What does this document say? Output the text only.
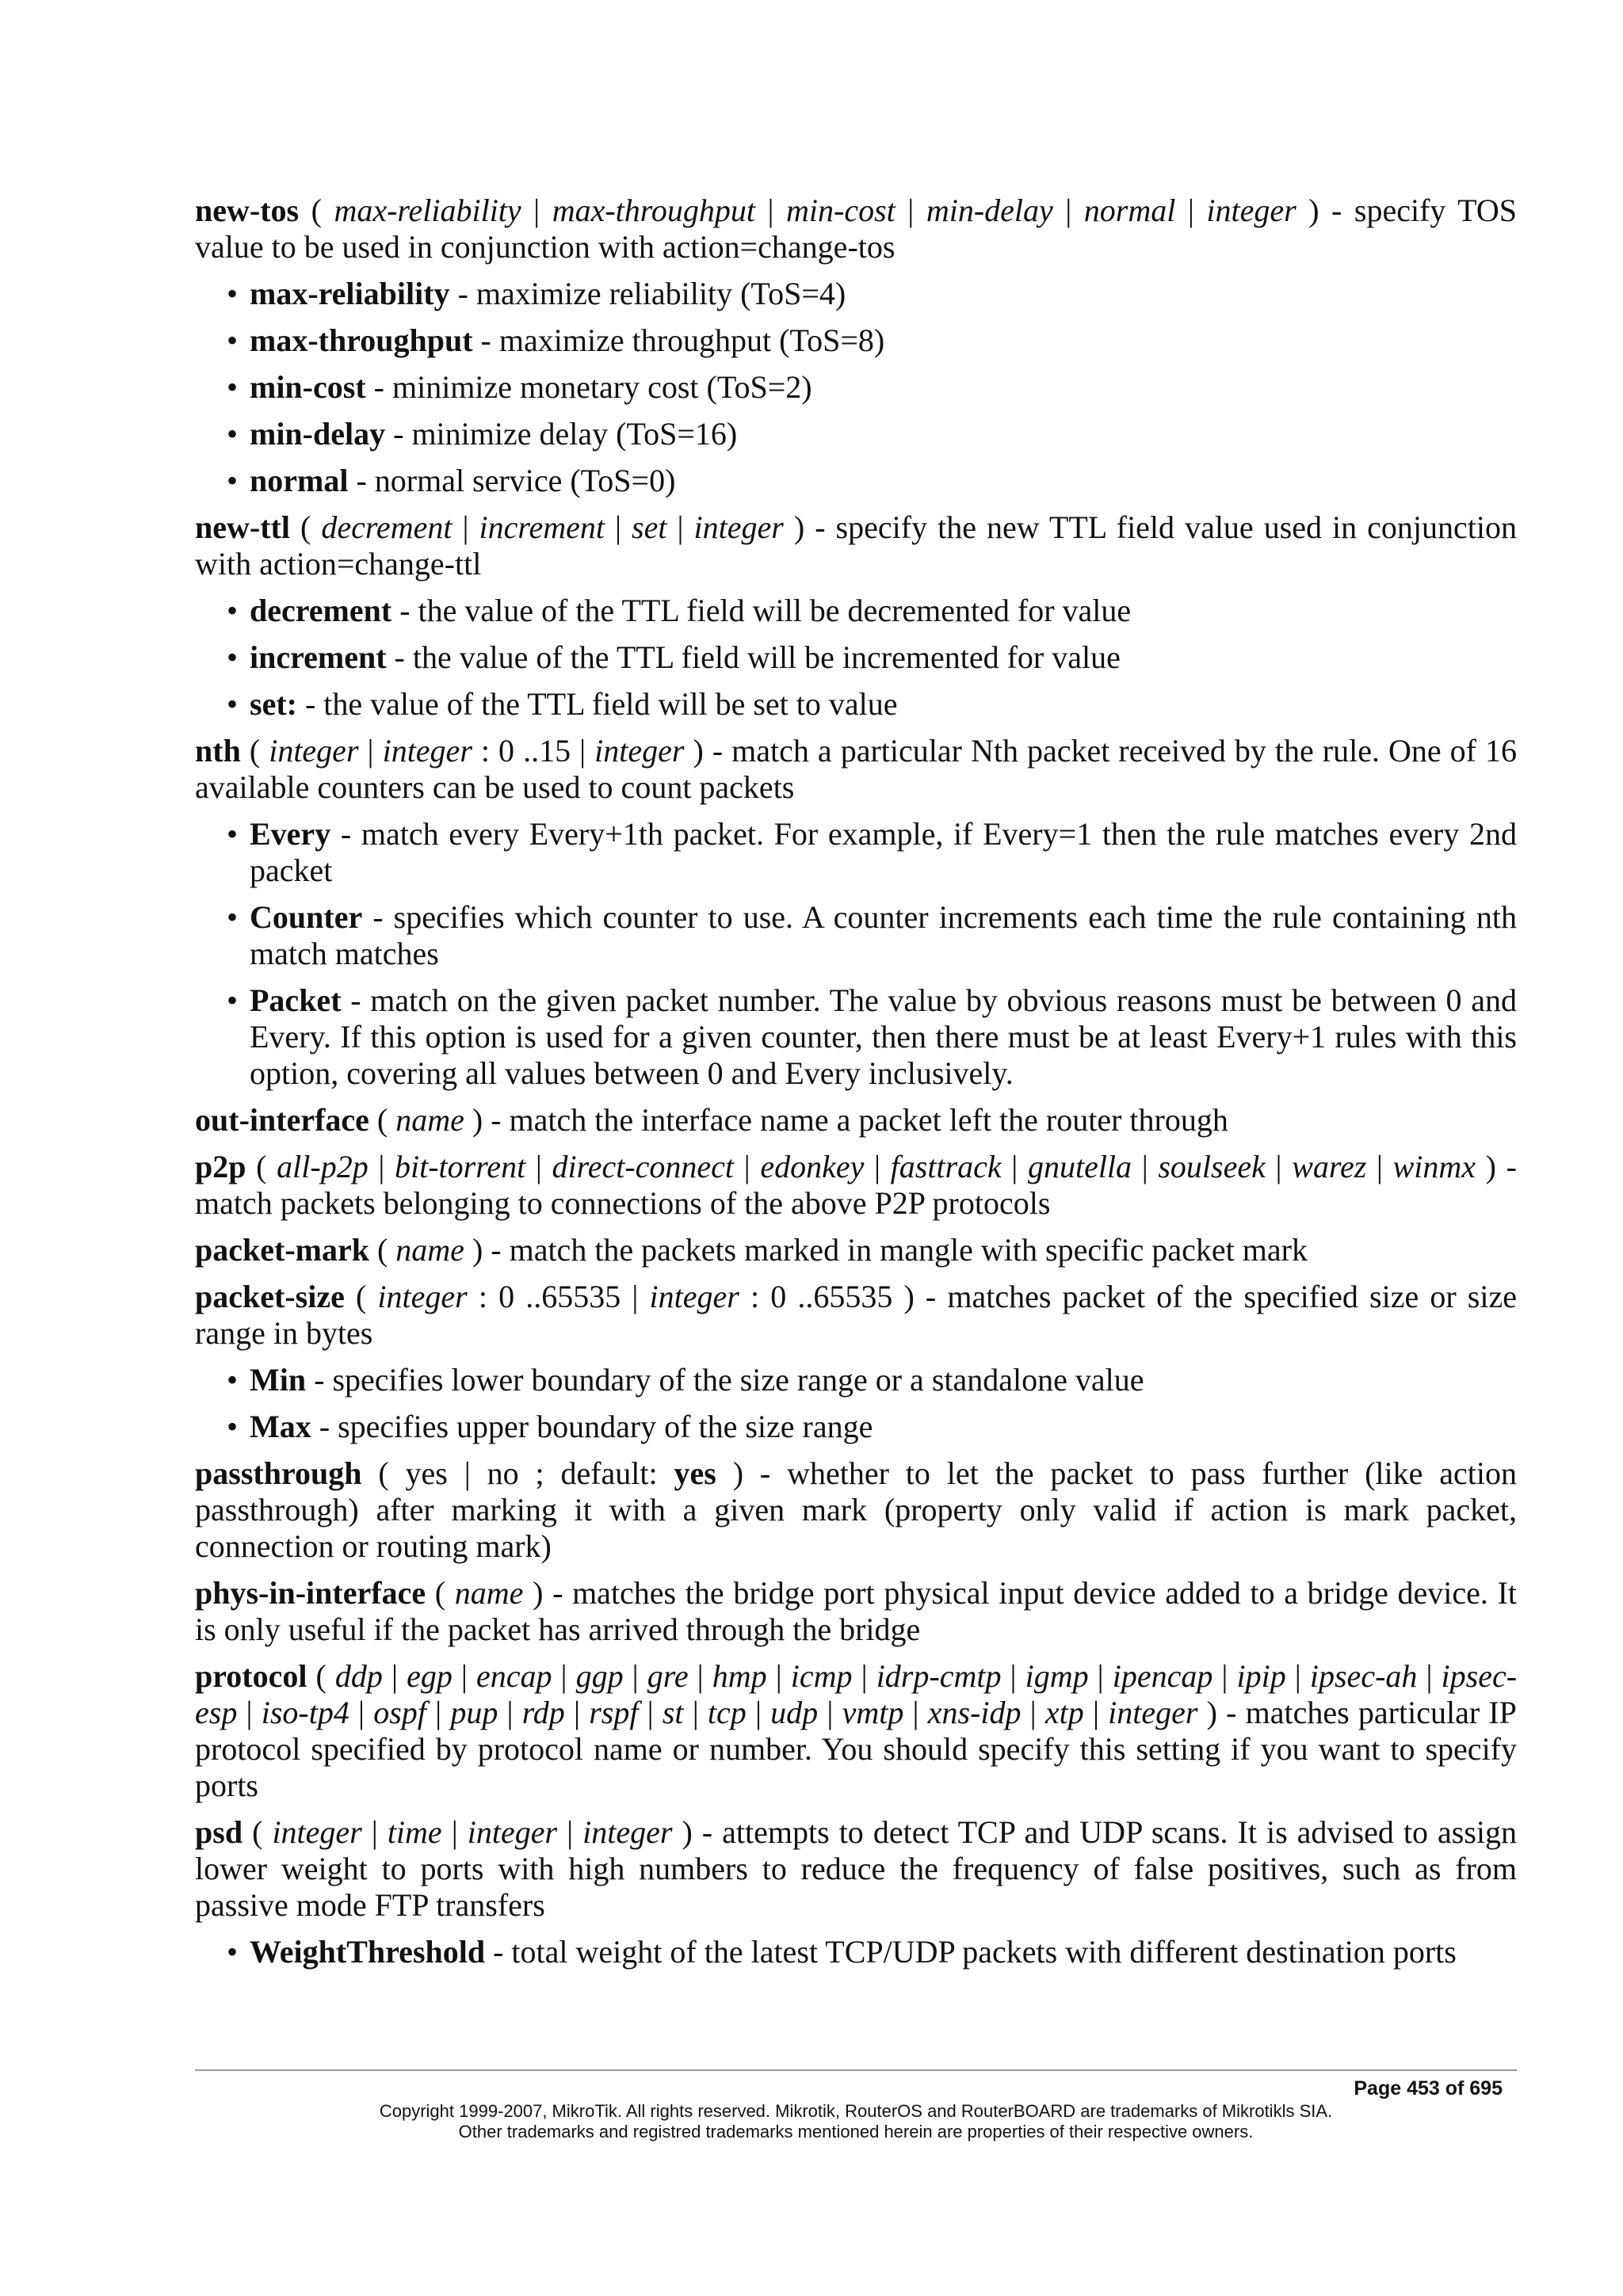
new-tos ( max-reliability | max-throughput | min-cost | min-delay | normal | integer ) - specify TOS value to be used in conjunction with action=change-tos
• max-reliability - maximize reliability (ToS=4)
• max-throughput - maximize throughput (ToS=8)
• min-cost - minimize monetary cost (ToS=2)
• min-delay - minimize delay (ToS=16)
• normal - normal service (ToS=0)
new-ttl ( decrement | increment | set | integer ) - specify the new TTL field value used in conjunction with action=change-ttl
• decrement - the value of the TTL field will be decremented for value
• increment - the value of the TTL field will be incremented for value
• set: - the value of the TTL field will be set to value
nth ( integer | integer : 0 ..15 | integer ) - match a particular Nth packet received by the rule. One of 16 available counters can be used to count packets
• Every - match every Every+1th packet. For example, if Every=1 then the rule matches every 2nd packet
• Counter - specifies which counter to use. A counter increments each time the rule containing nth match matches
• Packet - match on the given packet number. The value by obvious reasons must be between 0 and Every. If this option is used for a given counter, then there must be at least Every+1 rules with this option, covering all values between 0 and Every inclusively.
out-interface ( name ) - match the interface name a packet left the router through
p2p ( all-p2p | bit-torrent | direct-connect | edonkey | fasttrack | gnutella | soulseek | warez | winmx ) - match packets belonging to connections of the above P2P protocols
packet-mark ( name ) - match the packets marked in mangle with specific packet mark
packet-size ( integer : 0 ..65535 | integer : 0 ..65535 ) - matches packet of the specified size or size range in bytes
• Min - specifies lower boundary of the size range or a standalone value
• Max - specifies upper boundary of the size range
passthrough ( yes | no ; default: yes ) - whether to let the packet to pass further (like action passthrough) after marking it with a given mark (property only valid if action is mark packet, connection or routing mark)
phys-in-interface ( name ) - matches the bridge port physical input device added to a bridge device. It is only useful if the packet has arrived through the bridge
protocol ( ddp | egp | encap | ggp | gre | hmp | icmp | idrp-cmtp | igmp | ipencap | ipip | ipsec-ah | ipsec-esp | iso-tp4 | ospf | pup | rdp | rspf | st | tcp | udp | vmtp | xns-idp | xtp | integer ) - matches particular IP protocol specified by protocol name or number. You should specify this setting if you want to specify ports
psd ( integer | time | integer | integer ) - attempts to detect TCP and UDP scans. It is advised to assign lower weight to ports with high numbers to reduce the frequency of false positives, such as from passive mode FTP transfers
• WeightThreshold - total weight of the latest TCP/UDP packets with different destination ports
Page 453 of 695
Copyright 1999-2007, MikroTik. All rights reserved. Mikrotik, RouterOS and RouterBOARD are trademarks of Mikrotikls SIA.
Other trademarks and registred trademarks mentioned herein are properties of their respective owners.
